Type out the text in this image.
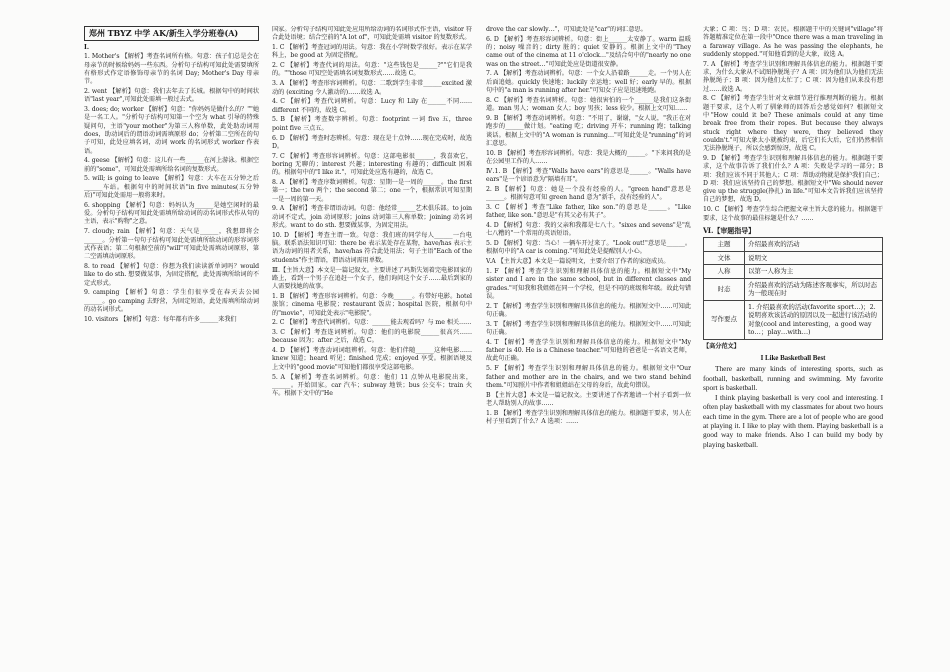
郑州 TBYZ 中学 AK/新生入学分班卷(A)
Ⅰ.
1. Mother's 【解析】考查名词所有格。句意：孩子们总是会在母亲节的时候给妈妈一些东西。分析句子结构可知此处需要填所有格形式作定语修饰母亲节的名词 Day; Mother's Day 母亲节。
2. went 【解析】句意：我们去年去了长城。根据句中的时间状语"last year",可知此处需填一般过去式。
3. does; do; worker 【解析】句意："你妈妈是做什么的？""她是一名工人。"分析句子结构可知第一个空为 what 引导的特殊疑问句，主语"your mother"为第三人称单数，此处助动词用 does，助动词后的谓语动词需填原形 do；分析第二空所在的句子可知，此处应填名词，动词 work 的名词形式 worker 作表语。
4. geese 【解析】句意：这儿有一些______在河上游泳。根据空前的"some"，可知此处需填所给名词的复数形式。
5. will; is going to leave 【解析】句意：大车在五分钟之后______车站。根据句中的时间状语"in five minutes(五分钟后)"可知此处需用一般将来时。
6. shopping 【解析】句意：妈妈认为______是她空闲时的最爱。分析句子结构可知此处需填所给动词的动名词形式作从句的主语，表示"购物"之意。
7. cloudy; rain 【解析】句意：天气是______，我想即将会______。分析第一句句子结构可知此处需填所给动词的形容词形式作表语；第二句根据空前的"will"可知此处需填动词原形，第二空需填动词原形。
8. to read 【解析】句意：你想为我们读读新单词吗？would like to do sth. 想要做某事，为固定搭配，此处需填所给词的不定式形式。
9. camping 【解析】句意：学生们很享受在春天去公园______。go camping 去野营，为固定短语，此处需填所给动词的动名词形式。
10. visitors 【解析】句意：每年都有许多______来我们
国家。分析句子结构可知此处应用所给动词的名词形式作主语，visitor 符合此处语境；结合空前的"A lot of"，可知此处需填 visitor 的复数形式。
1. C 【解析】考查冠词的用法。句意：我在小学时数学很好。表示在某学科上，be good at 为固定搭配。
2. C 【解析】考查代词的用法。句意："这些钱包是______?""它们是我的。""those 可知空处需填名词复数形式……故选 C。
3. A 【解析】考查形容词辨析。句意：二歌到学生非常______excited 激动的 (exciting 令人激动的)……故选 A。
4. C 【解析】考查代词辨析。句意：Lucy 和 Lily 在______不同……different 不同的，故选 C。
5. B 【解析】考查数字辨析。句意：footprint 一词 five 五，three point five 三点五。
6. D 【解析】考查时态辨析。句意：现在是十点钟……现在完成时，故选 D。
7. C 【解析】考查形容词辨析。句意：这部电影很______，我喜欢它，boring 无聊的；interest 兴趣；interesting 有趣的；difficult 困难的。根据句中的"I like it."，可知此处应选有趣的，故选 C。
8. A 【解析】考查序数词辨析。句意：星期一是一周的______。the first 第一；the two 两个；the second 第二；one 一个，根据常识可知星期一是一周的第一天。
9. A 【解析】考查非谓语动词。句意：他经常______艺术俱乐部。to join 动词不定式，join 动词原形；joins 动词第三人称单数；joining 动名词形式。want to do sth. 想要做某事，为固定用法。
10. D 【解析】考查主谓一致。句意：我们班的同学每人______一台电脑。联系语法知识可知：there be 表示某处存在某物，have/has 表示主语为动词的用者关系，have/has 符合此处用法；句子主语"Each of the students"作主谓语，谓语动词需用单数。
Ⅲ.【主旨大意】本文是一篇记叙文。主要讲述了玛斯失划着完电影回家的路上，看到一个男子在追赶一个女子，他们询问这个女子……最后到家的人需要找她的故事。
1. B 【解析】考查形容词辨析。句意：今晚______。有带好电影。hotel 旅馆；cinema 电影院；restaurant 饭店；hospital 医院，根据句中的"movie"，可知此处表示"电影院"。
2. C 【解析】考查代词辨析。句意：______能去观看吗？与 me 相关……
3. C 【解析】考查连词辨析。句意：他们的电影院______很高兴……because 因为；after 之后，故选 C。
4. D 【解析】考查动词词组辨析。句意：他们伴随______这种电影……knew 知道；heard 听见；finished 完成；enjoyed 享受。根据语境及上文中的"good movie"可知他们都很享受这部电影。
5. A 【解析】考查名词辨析。句意：他们 11 点钟从电影院出来，______。开始回家。car 汽车；subway 地铁；bus 公交车；train 火车。根据下文中的"He
drove the car slowly…"，可知此处是"car"的词汇意思。
6. D 【解析】考查形容词辨析。句意：街上______太安静了。warm 温暖的；noisy 噪音的；dirty 脏的；quiet 安静的。根据上文中的"They came out of the cinema at 11 o'clock…"及结合句中的"nearly no one was on the street…"可知此处应是街道很安静。
7. A 【解析】考查动词辨析。句意：一个女人沿着路______走。一个男人在后面追她。quickly 快速地；luckily 幸运地；well 好；early 早的。根据句中的"a man is running after her."可知女子应是迅速地跑。
8. C 【解析】考查名词辨析。句意：她很害怕的一个______是我们这条街道。man 男人；woman 女人；boy 男孩；less 较少。根据上文可知……
9. B 【解析】考查动词辨析。句意："不用了，谢谢，"女人说，"我正在对跑步的______做计划。"eating 吃；driving 开车；running 跑；talking 谈话。根据上文中的"A woman is running…"可知此处是"running"的词汇意思。
10. B 【解析】考查形容词辨析。句意：我是大概的______。"下来问我的是在公园里工作的人……
Ⅳ.1. B 【解析】考查"Walls have ears"的意思是______。"Walls have ears"是一个谚语意为"隔墙有耳"。
2. B 【解析】句意：她是一个没有经验的人。"green hand"意思是______。根据句意可知 green hand 意为"新手，没有经验的人"。
3. C 【解析】考查"Like father, like son."的意思是______。"Like father, like son."意思是"有其父必有其子"。
4. D 【解析】句意：我的父亲和我都是七八十。"sixes and sevens"是"乱七八糟的"一个常用的英语短语。
5. D 【解析】句意：当心！一辆车开过来了。"Look out!"意思是______。根据句中的"A car is coming."可知此处是提醒别人小心。
V.A 【主旨大意】本文是一篇说明文，主要介绍了作者的家庭成员。
1. F 【解析】考查学生识别和理解具体信息的能力。根据短文中"My sister and I are in the same school, but in different classes and grades."可知我和我姐姐在同一个学校，但是不同的班级和年级。故此句错误。
2. T 【解析】考查学生识别和理解具体信息的能力。根据短文中……可知此句正确。
3. T 【解析】考查学生识别和理解具体信息的能力。根据短文中……可知此句正确。
4. T 【解析】考查学生识别和理解具体信息的能力。根据短文中"My father is 40. He is a Chinese teacher."可知他的爸爸是一名语文老师，故此句正确。
5. F 【解析】考查学生识别和理解具体信息的能力。根据短文中"Our father and mother are in the chairs, and we two stand behind them."可知照片中作者和姐姐站在父母的身后，故此句错误。
B 【主旨大意】本文是一篇记叙文。主要讲述了作者邀请一个村子看到一位老人帮助别人的故事……
1. B 【解析】考查学生识别和理解具体信息的能力。根据题干要求，男人在村子里看到了什么？A 选项：……
大象；C 项：鸟；D 项：农民。根据题干中的关键词"village"将答题精准定位在第一段中"Once there was a man traveling in a faraway village. As he was passing the elephants, he suddenly stopped."可知他看到的是大象，故选 A。
7. A 【解析】考查学生识别和理解具体信息的能力。根据题干要求，为什么大象从不试图挣脱绳子？A 项：因为他们认为他们无法挣脱绳子；B 项：因为他们太忙了；C 项：因为他们从来没有想过……故选 A。
8. C 【解析】考查学生针对文章细节进行推理判断的能力。根据题干要求，这个人听了驯象师的回答后会感觉如何？根据短文中"How could it be? These animals could at any time break free from their ropes. But because they always stuck right where they were, they believed they couldn't."可知大象太小就被约束，后它们长大后，它们仍然相信无法挣脱绳子，所以会感到惊讶，故选 C。
9. D 【解析】考查学生识别和理解具体信息的能力。根据题干要求，这个故事告诉了我们什么？A 项：失败是学习的一部分；B 项：我们应该不同于其他人；C 项：帮助动物就是保护我们自己；D 项：我们应该坚持自己的梦想。根据短文中"We should never give up the struggle(挣扎) in life."可知本文告诉我们应该坚持自己的梦想，故选 D。
10. C 【解析】考查学生综合把握文章主旨大意的能力。根据题干要求，这个故事的最佳标题是什么？……
Ⅵ.【审题指导】
主题	介绍最喜欢的活动
文体	说明文
人称	以第一人称为主
时态	介绍最喜欢的活动为陈述客观事实，所以时态为一般现在时
写作要点	1. 介绍最喜欢的活动(favorite sport…)；2. 说明喜欢该活动的原因以及一起进行该活动的对象(cool and interesting，a good way to…；play…with…)
【高分范文】
I Like Basketball Best

There are many kinds of interesting sports, such as football, basketball, running and swimming. My favorite sport is basketball.

I think playing basketball is very cool and interesting. I often play basketball with my classmates for about two hours each time in the gym. There are a lot of people who are good at playing it. I like to play with them. Playing basketball is a good way to make friends. Also I can build my body by playing basketball.
